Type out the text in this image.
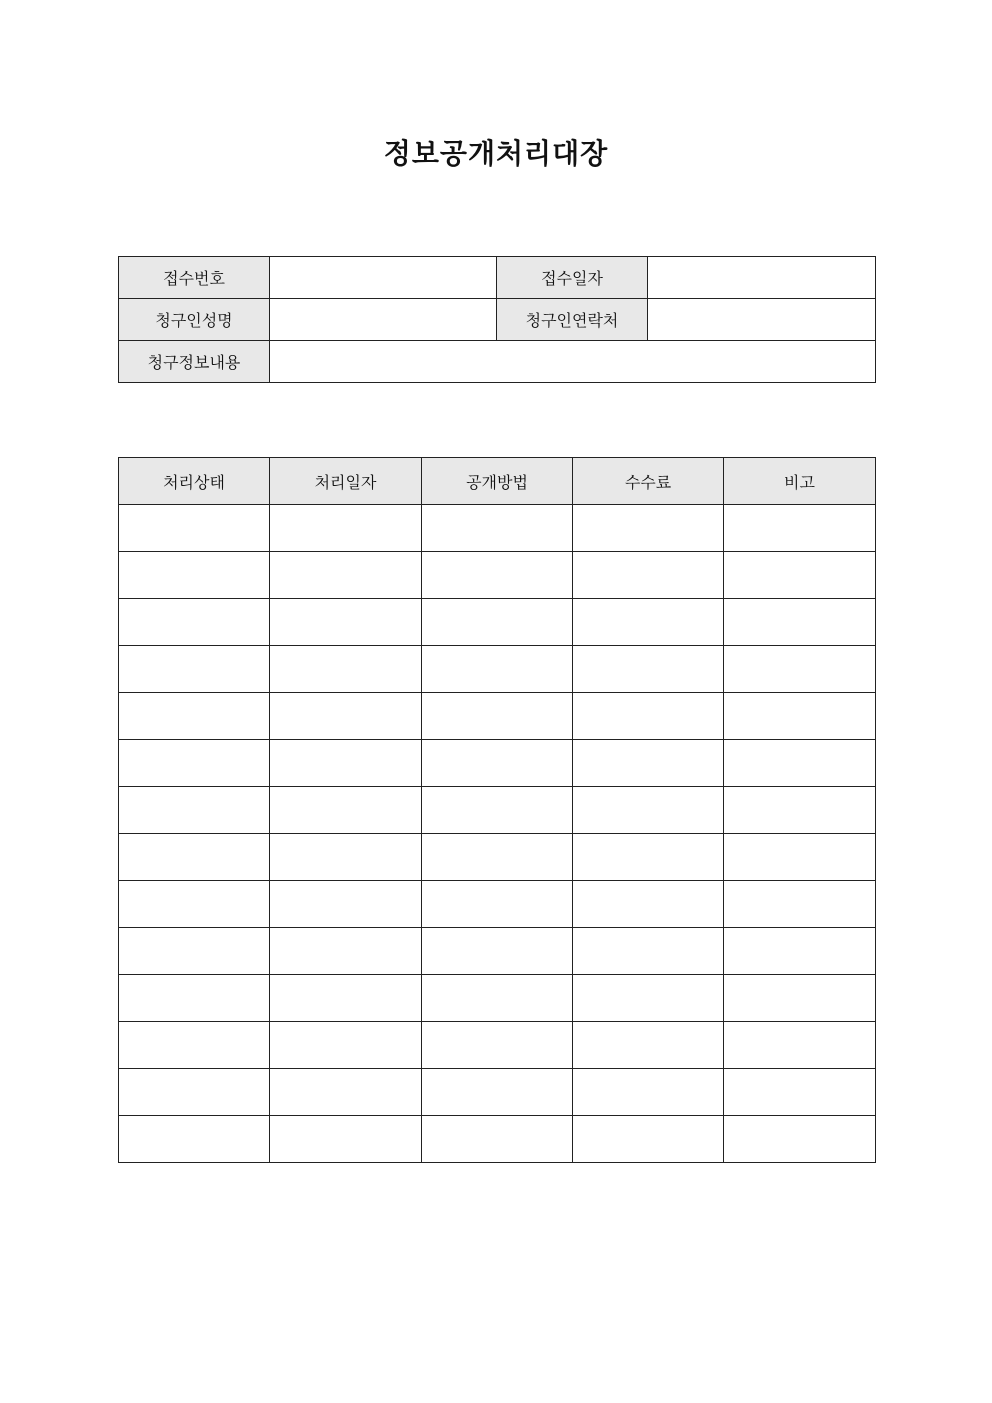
정보공개처리대장
접수번호		접수일자	
청구인성명		청구인연락처	
청구정보내용			
처리상태	처리일자	공개방법	수수료	비고
